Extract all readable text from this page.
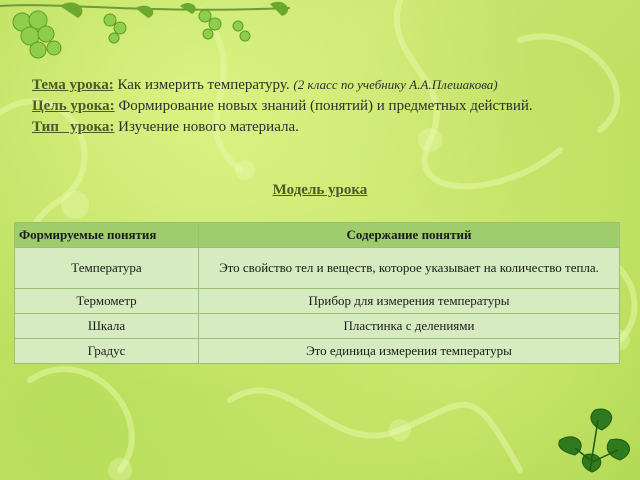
Тема урока: Как измерить температуру. (2 класс по учебнику А.А.Плешакова)
Цель урока: Формирование новых знаний (понятий) и предметных действий.
Тип   урока: Изучение нового материала.
Модель урока
Формируемые понятия	Содержание понятий
Температура	Это свойство тел и веществ, которое указывает на количество тепла.
Термометр	Прибор для измерения температуры
Шкала	Пластинка с делениями
Градус	Это единица измерения температуры
